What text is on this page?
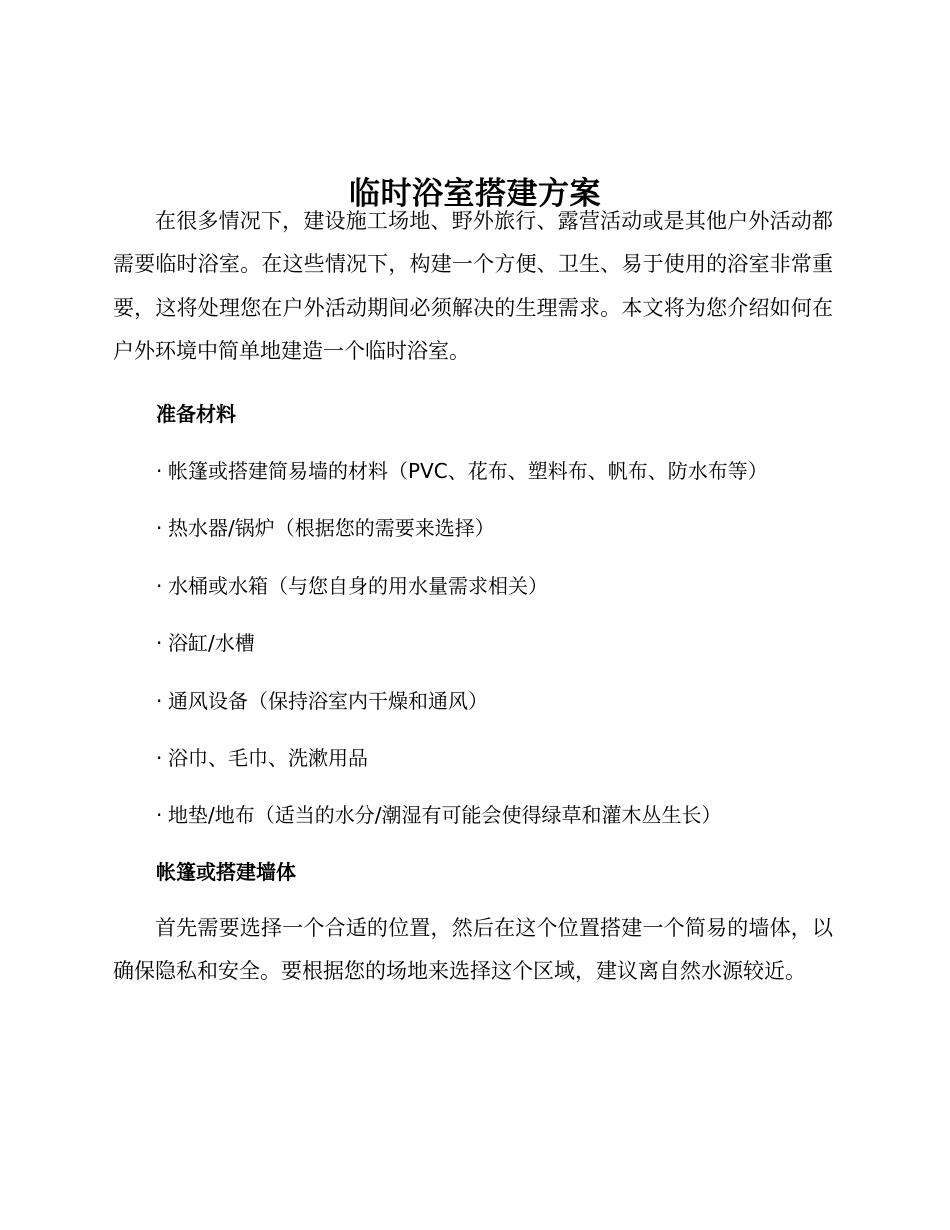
临时浴室搭建方案

在很多情况下，建设施工场地、野外旅行、露营活动或是其他户外活动都需要临时浴室。在这些情况下，构建一个方便、卫生、易于使用的浴室非常重要，这将处理您在户外活动期间必须解决的生理需求。本文将为您介绍如何在户外环境中简单地建造一个临时浴室。

准备材料
· 帐篷或搭建简易墙的材料（PVC、花布、塑料布、帆布、防水布等）
· 热水器/锅炉（根据您的需要来选择）
· 水桶或水箱（与您自身的用水量需求相关）
· 浴缸/水槽
· 通风设备（保持浴室内干燥和通风）
· 浴巾、毛巾、洗漱用品
· 地垫/地布（适当的水分/潮湿有可能会使得绿草和灌木丛生长）
帐篷或搭建墙体

首先需要选择一个合适的位置，然后在这个位置搭建一个简易的墙体，以确保隐私和安全。要根据您的场地来选择这个区域，建议离自然水源较近。
